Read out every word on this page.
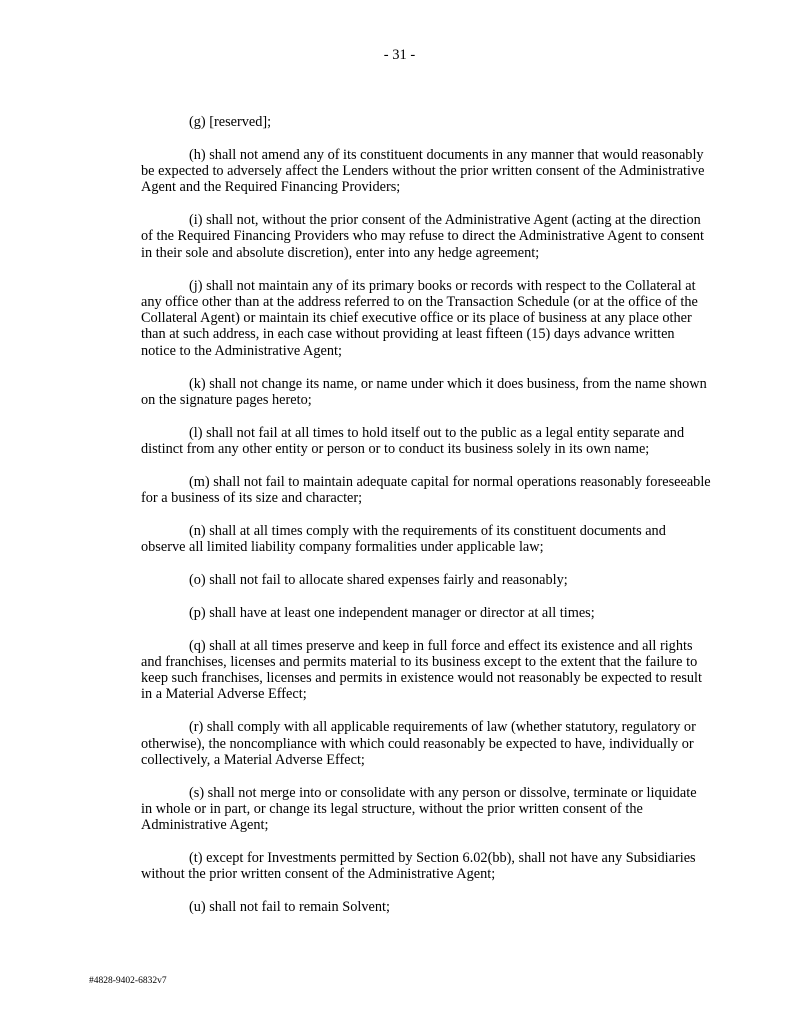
- 31 -

(g) [reserved];

(h) shall not amend any of its constituent documents in any manner that would reasonably be expected to adversely affect the Lenders without the prior written consent of the Administrative Agent and the Required Financing Providers;

(i) shall not, without the prior consent of the Administrative Agent (acting at the direction of the Required Financing Providers who may refuse to direct the Administrative Agent to consent in their sole and absolute discretion), enter into any hedge agreement;

(j) shall not maintain any of its primary books or records with respect to the Collateral at any office other than at the address referred to on the Transaction Schedule (or at the office of the Collateral Agent) or maintain its chief executive office or its place of business at any place other than at such address, in each case without providing at least fifteen (15) days advance written notice to the Administrative Agent;

(k) shall not change its name, or name under which it does business, from the name shown on the signature pages hereto;

(l) shall not fail at all times to hold itself out to the public as a legal entity separate and distinct from any other entity or person or to conduct its business solely in its own name;

(m) shall not fail to maintain adequate capital for normal operations reasonably foreseeable for a business of its size and character;

(n) shall at all times comply with the requirements of its constituent documents and observe all limited liability company formalities under applicable law;

(o) shall not fail to allocate shared expenses fairly and reasonably;

(p) shall have at least one independent manager or director at all times;

(q) shall at all times preserve and keep in full force and effect its existence and all rights and franchises, licenses and permits material to its business except to the extent that the failure to keep such franchises, licenses and permits in existence would not reasonably be expected to result in a Material Adverse Effect;

(r) shall comply with all applicable requirements of law (whether statutory, regulatory or otherwise), the noncompliance with which could reasonably be expected to have, individually or collectively, a Material Adverse Effect;

(s) shall not merge into or consolidate with any person or dissolve, terminate or liquidate in whole or in part, or change its legal structure, without the prior written consent of the Administrative Agent;

(t) except for Investments permitted by Section 6.02(bb), shall not have any Subsidiaries without the prior written consent of the Administrative Agent;

(u) shall not fail to remain Solvent;

#4828-9402-6832v7
